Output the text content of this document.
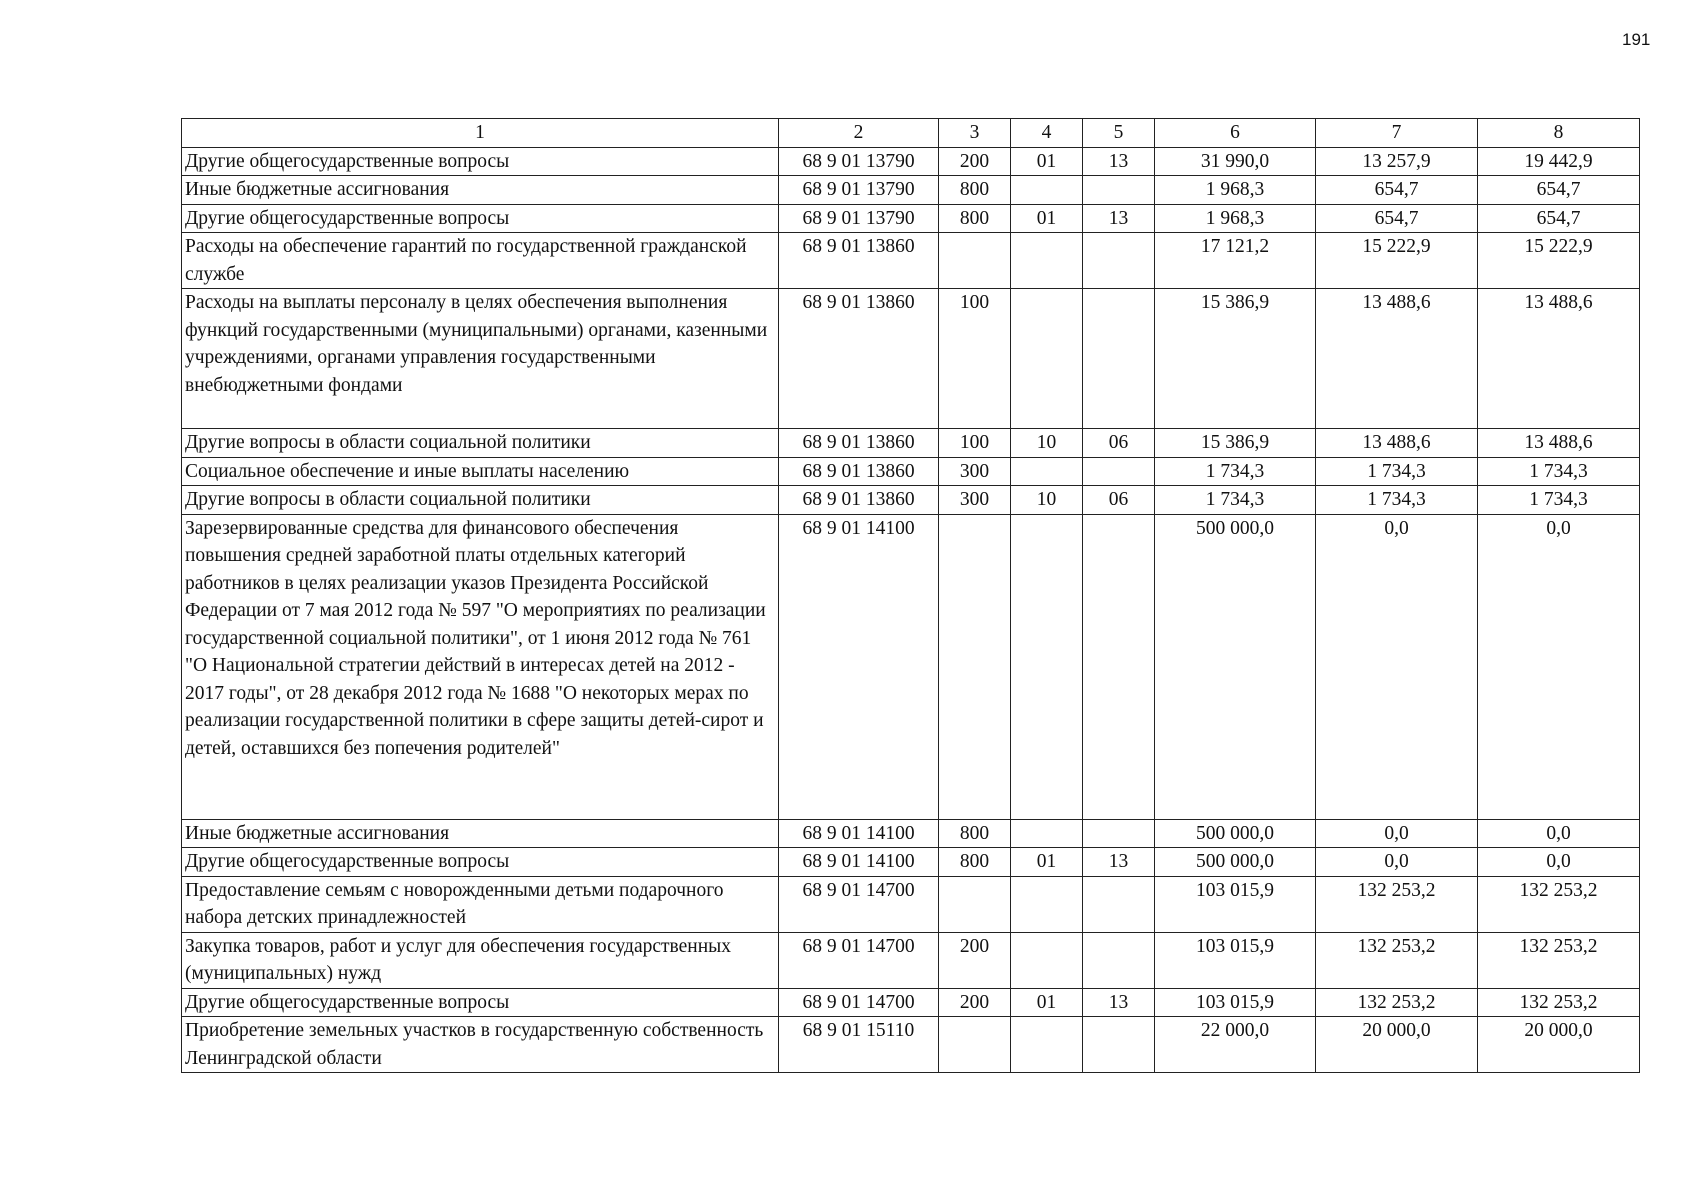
191
1	2	3	4	5	6	7	8
Другие общегосударственные вопросы	68 9 01 13790	200	01	13	31 990,0	13 257,9	19 442,9
Иные бюджетные ассигнования	68 9 01 13790	800			1 968,3	654,7	654,7
Другие общегосударственные вопросы	68 9 01 13790	800	01	13	1 968,3	654,7	654,7
Расходы на обеспечение гарантий по государственной гражданской службе	68 9 01 13860				17 121,2	15 222,9	15 222,9
Расходы на выплаты персоналу в целях обеспечения выполнения функций государственными (муниципальными) органами, казенными учреждениями, органами управления государственными внебюджетными фондами	68 9 01 13860	100			15 386,9	13 488,6	13 488,6
Другие вопросы в области социальной политики	68 9 01 13860	100	10	06	15 386,9	13 488,6	13 488,6
Социальное обеспечение и иные выплаты населению	68 9 01 13860	300			1 734,3	1 734,3	1 734,3
Другие вопросы в области социальной политики	68 9 01 13860	300	10	06	1 734,3	1 734,3	1 734,3
Зарезервированные средства для финансового обеспечения повышения средней заработной платы отдельных категорий работников в целях реализации указов Президента Российской Федерации от 7 мая 2012 года № 597 "О мероприятиях по реализации государственной социальной политики", от 1 июня 2012 года № 761 "О Национальной стратегии действий в интересах детей на 2012 - 2017 годы", от 28 декабря 2012 года № 1688 "О некоторых мерах по реализации государственной политики в сфере защиты детей-сирот и детей, оставшихся без попечения родителей"	68 9 01 14100				500 000,0	0,0	0,0
Иные бюджетные ассигнования	68 9 01 14100	800			500 000,0	0,0	0,0
Другие общегосударственные вопросы	68 9 01 14100	800	01	13	500 000,0	0,0	0,0
Предоставление семьям с новорожденными детьми подарочного набора детских принадлежностей	68 9 01 14700				103 015,9	132 253,2	132 253,2
Закупка товаров, работ и услуг для обеспечения государственных (муниципальных) нужд	68 9 01 14700	200			103 015,9	132 253,2	132 253,2
Другие общегосударственные вопросы	68 9 01 14700	200	01	13	103 015,9	132 253,2	132 253,2
Приобретение земельных участков в государственную собственность Ленинградской области	68 9 01 15110				22 000,0	20 000,0	20 000,0
